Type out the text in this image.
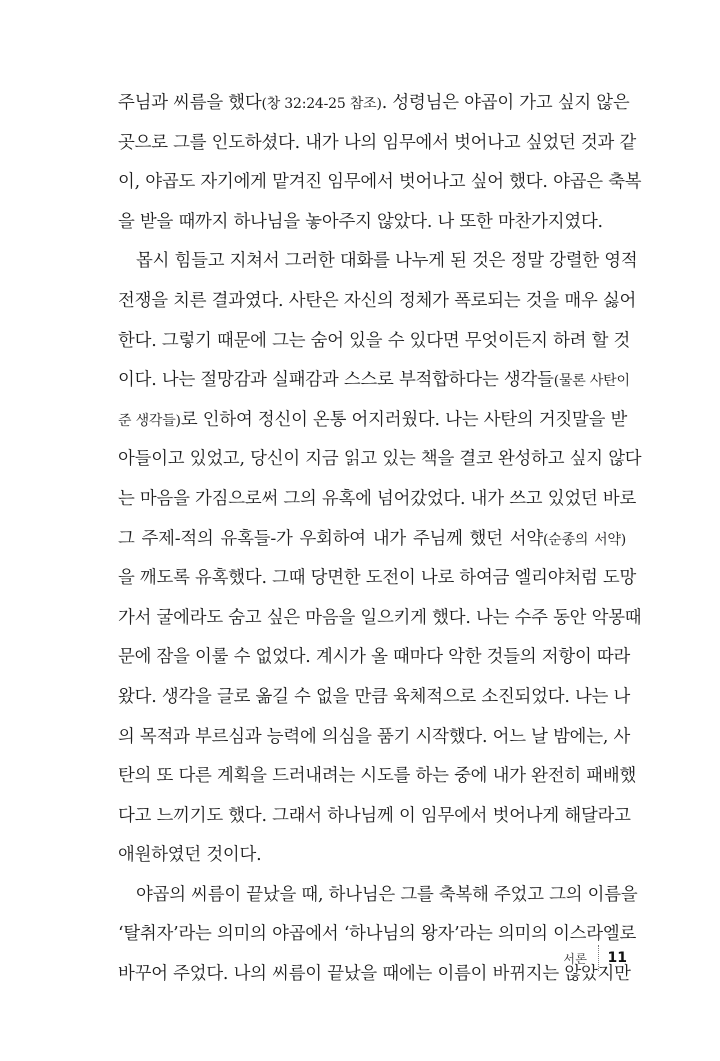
주님과 씨름을 했다(창 32:24-25 참조). 성령님은 야곱이 가고 싶지 않은
곳으로 그를 인도하셨다. 내가 나의 임무에서 벗어나고 싶었던 것과 같
이, 야곱도 자기에게 맡겨진 임무에서 벗어나고 싶어 했다. 야곱은 축복
을 받을 때까지 하나님을 놓아주지 않았다. 나 또한 마찬가지였다.
몹시 힘들고 지쳐서 그러한 대화를 나누게 된 것은 정말 강렬한 영적
전쟁을 치른 결과였다. 사탄은 자신의 정체가 폭로되는 것을 매우 싫어
한다. 그렇기 때문에 그는 숨어 있을 수 있다면 무엇이든지 하려 할 것
이다. 나는 절망감과 실패감과 스스로 부적합하다는 생각들(물론 사탄이
준 생각들)로 인하여 정신이 온통 어지러웠다. 나는 사탄의 거짓말을 받
아들이고 있었고, 당신이 지금 읽고 있는 책을 결코 완성하고 싶지 않다
는 마음을 가짐으로써 그의 유혹에 넘어갔었다. 내가 쓰고 있었던 바로
그 주제-적의 유혹들-가 우회하여 내가 주님께 했던 서약(순종의 서약)
을 깨도록 유혹했다. 그때 당면한 도전이 나로 하여금 엘리야처럼 도망
가서 굴에라도 숨고 싶은 마음을 일으키게 했다. 나는 수주 동안 악몽때
문에 잠을 이룰 수 없었다. 계시가 올 때마다 악한 것들의 저항이 따라
왔다. 생각을 글로 옮길 수 없을 만큼 육체적으로 소진되었다. 나는 나
의 목적과 부르심과 능력에 의심을 품기 시작했다. 어느 날 밤에는, 사
탄의 또 다른 계획을 드러내려는 시도를 하는 중에 내가 완전히 패배했
다고 느끼기도 했다. 그래서 하나님께 이 임무에서 벗어나게 해달라고
애원하였던 것이다.
야곱의 씨름이 끝났을 때, 하나님은 그를 축복해 주었고 그의 이름을
‘탈취자’라는 의미의 야곱에서 ‘하나님의 왕자’라는 의미의 이스라엘로
바꾸어 주었다. 나의 씨름이 끝났을 때에는 이름이 바뀌지는 않았지만
서론 11
